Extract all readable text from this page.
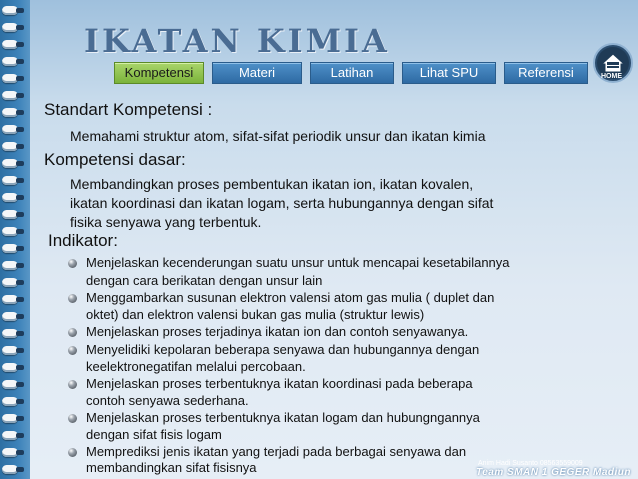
IKATAN KIMIA
Kompetensi	Materi	Latihan	Lihat SPU	Referensi	HOME
Standart Kompetensi :
Memahami struktur atom, sifat-sifat periodik unsur dan ikatan kimia
Kompetensi dasar:
Membandingkan proses pembentukan ikatan ion, ikatan kovalen,
ikatan koordinasi dan ikatan logam, serta hubungannya dengan sifat
fisika senyawa yang terbentuk.
Indikator:
Menjelaskan kecenderungan suatu unsur untuk mencapai kesetabilannya
dengan cara berikatan dengan unsur lain
Menggambarkan susunan elektron valensi atom gas mulia ( duplet dan
oktet) dan elektron valensi bukan gas mulia (struktur lewis)
Menjelaskan proses terjadinya ikatan ion dan contoh senyawanya.
Menyelidiki kepolaran beberapa senyawa dan hubungannya dengan
keelektronegatifan melalui percobaan.
Menjelaskan proses terbentuknya ikatan koordinasi pada beberapa
contoh senyawa sederhana.
Menjelaskan proses terbentuknya ikatan logam dan hubungngannya
dengan sifat fisis logam
Memprediksi jenis ikatan yang terjadi pada berbagai senyawa dan
membandingkan sifat fisisnya	Anim Hadi Susanto 08563559009
Team SMAN 1 GEGER Madiun
